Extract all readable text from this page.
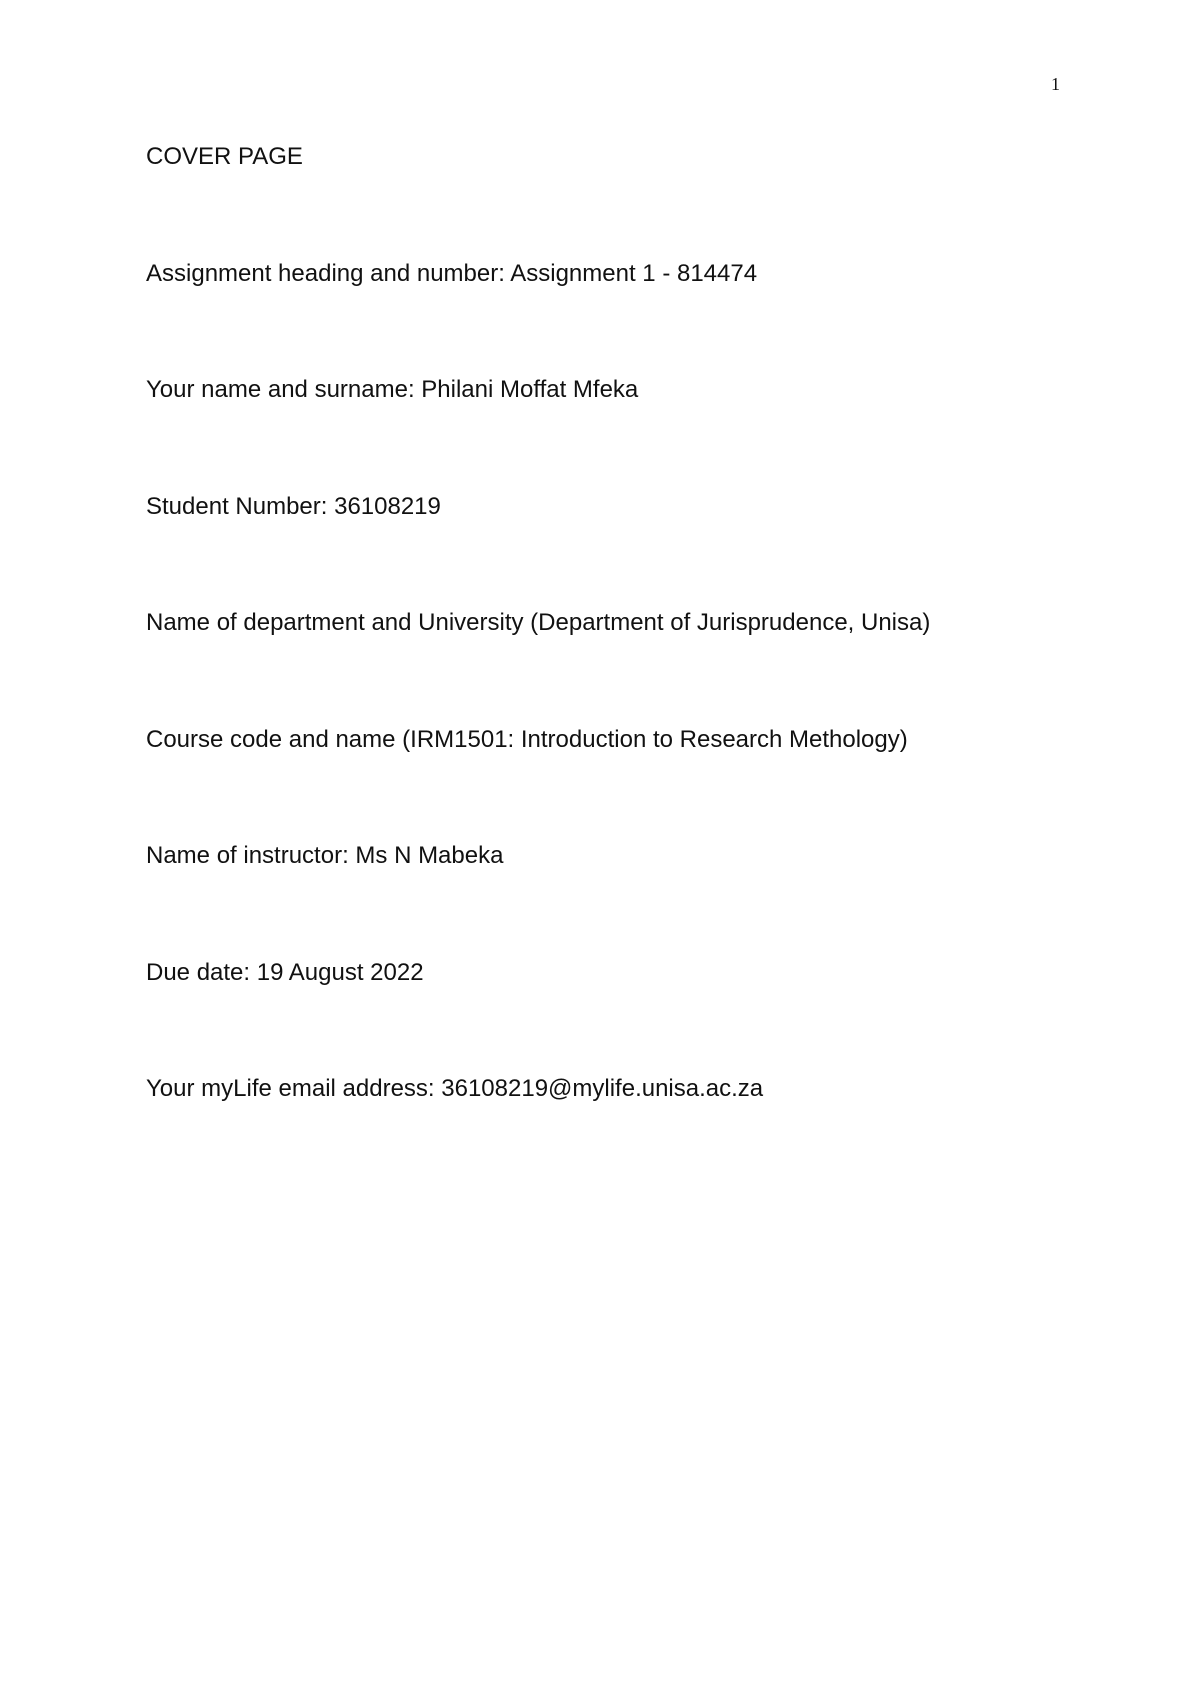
1
COVER PAGE
Assignment heading and number: Assignment 1 - 814474
Your name and surname: Philani Moffat Mfeka
Student Number: 36108219
Name of department and University (Department of Jurisprudence, Unisa)
Course code and name (IRM1501: Introduction to Research Methology)
Name of instructor: Ms N Mabeka
Due date: 19 August 2022
Your myLife email address: 36108219@mylife.unisa.ac.za
